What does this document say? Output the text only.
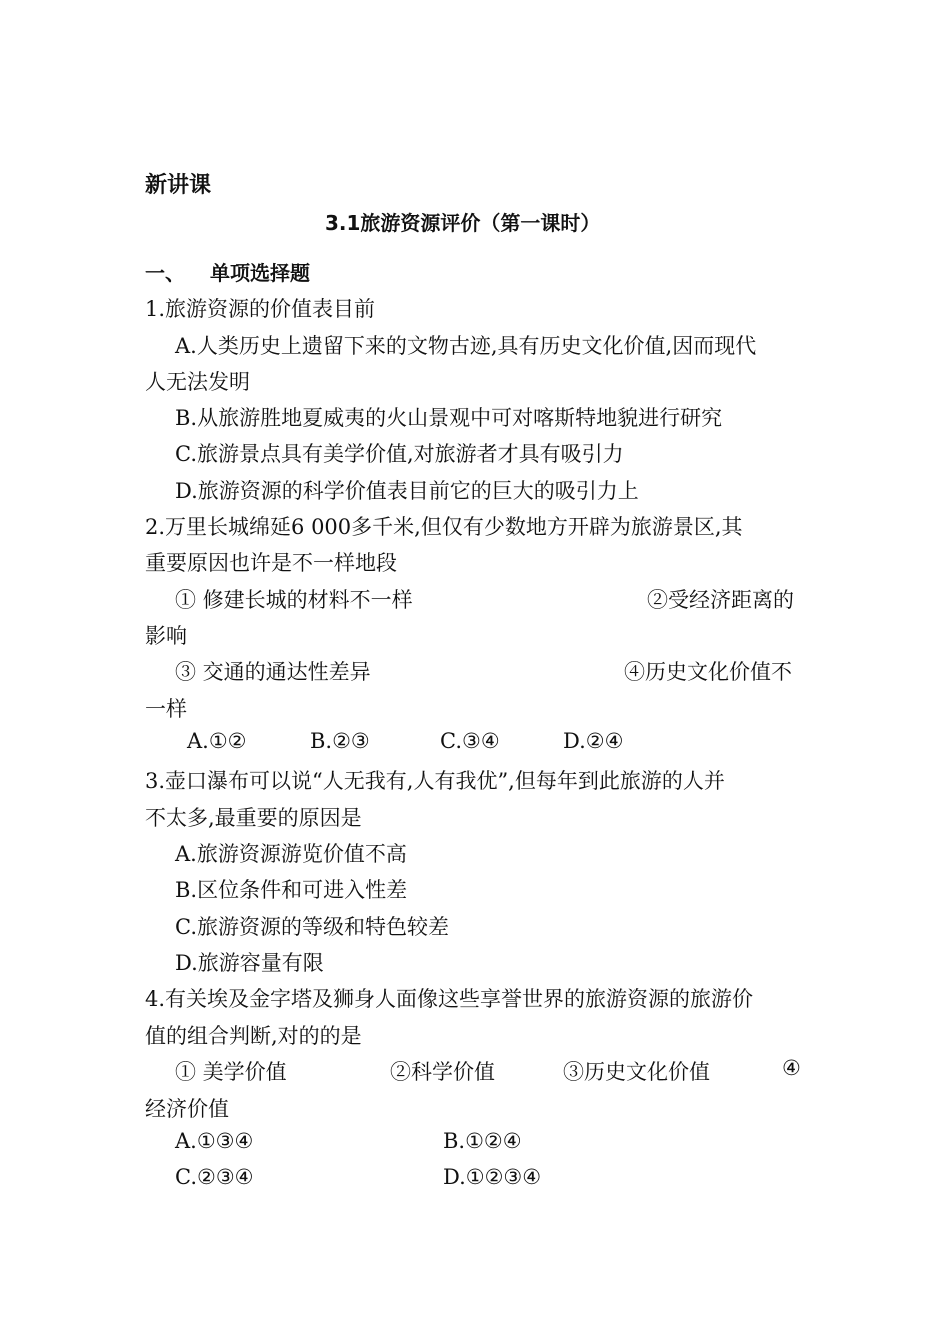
新讲课
3.1旅游资源评价（第一课时）
一、 单项选择题
1.旅游资源的价值表目前
A.人类历史上遗留下来的文物古迹,具有历史文化价值,因而现代
人无法发明
B.从旅游胜地夏威夷的火山景观中可对喀斯特地貌进行研究
C.旅游景点具有美学价值,对旅游者才具有吸引力
D.旅游资源的科学价值表目前它的巨大的吸引力上
2.万里长城绵延6 000多千米,但仅有少数地方开辟为旅游景区,其
重要原因也许是不一样地段
① 修建长城的材料不一样	②受经济距离的
影响
③ 交通的通达性差异	④历史文化价值不
一样
A.①②	B.②③	C.③④	D.②④
3.壶口瀑布可以说“人无我有,人有我优”,但每年到此旅游的人并
不太多,最重要的原因是
A.旅游资源游览价值不高
B.区位条件和可进入性差
C.旅游资源的等级和特色较差
D.旅游容量有限
4.有关埃及金字塔及狮身人面像这些享誉世界的旅游资源的旅游价
值的组合判断,对的的是
① 美学价值	②科学价值	③历史文化价值	④
经济价值
A.①③④	B.①②④
C.②③④	D.①②③④
